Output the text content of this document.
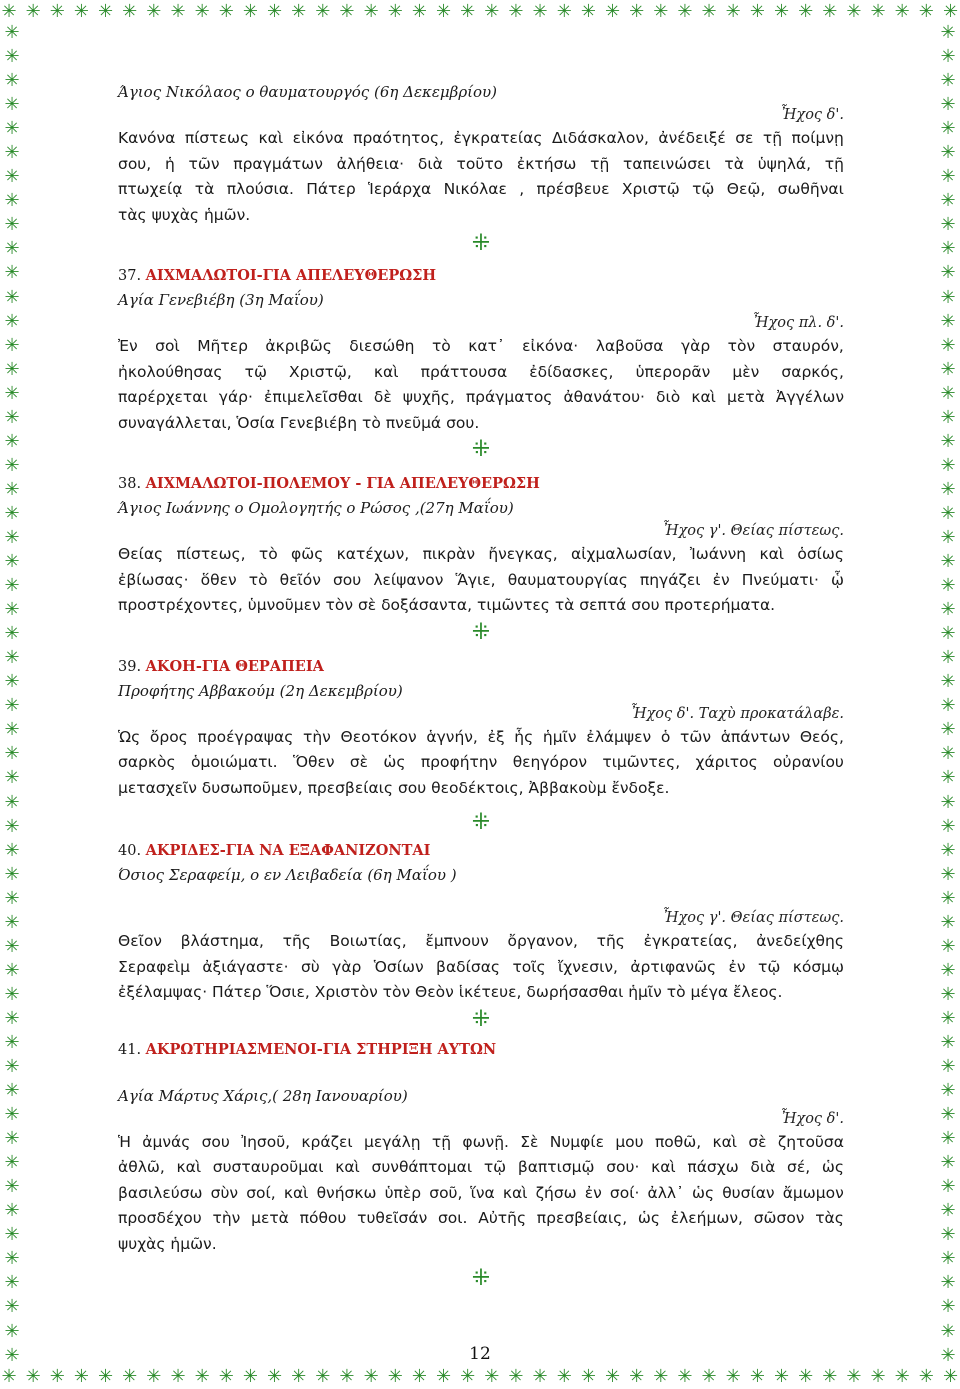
✳ ✳ ✳ ✳ ✳ ✳ ✳ ✳ ✳ ✳ ✳ ✳ ✳ ✳ ✳ ✳ ✳ ✳ ✳ ✳ ✳ ✳ ✳ ✳ ✳ ✳ ✳ ✳ ✳ ✳ ✳ ✳ ✳ ✳ ✳ ✳ ✳ ✳ ✳ ✳
✳ ✳ ✳ ✳ ✳ ✳ ✳ ✳ ✳ ✳ ✳ ✳ ✳ ✳ ✳ ✳ ✳ ✳ ✳ ✳ ✳ ✳ ✳ ✳ ✳ ✳ ✳ ✳ ✳ ✳ ✳ ✳ ✳ ✳ ✳ ✳ ✳ ✳ ✳ ✳
✳
✳
✳
✳
✳
✳
✳
✳
✳
✳
✳
✳
✳
✳
✳
✳
✳
✳
✳
✳
✳
✳
✳
✳
✳
✳
✳
✳
✳
✳
✳
✳
✳
✳
✳
✳
✳
✳
✳
✳
✳
✳
✳
✳
✳
✳
✳
✳
✳
✳
✳
✳
✳
✳
✳
✳
✳
✳
✳
✳
✳
✳
✳
✳
✳
✳
✳
✳
✳
✳
✳
✳
✳
✳
✳
✳
✳
✳
✳
✳
✳
✳
✳
✳
✳
✳
✳
✳
✳
✳
✳
✳
✳
✳
✳
✳
✳
✳
✳
✳
✳
✳
✳
✳
✳
✳
✳
✳
✳
✳
✳
✳
Άγιος Νικόλαος ο θαυματουργός (6η Δεκεμβρίου)
Ἦχος δ'.
Κανόνα πίστεως καὶ εἰκόνα πραότητος, ἐγκρατείας Διδάσκαλον, ἀνέδειξέ σε τῇ ποίμνῃ
σου, ἡ τῶν πραγμάτων ἀλήθεια· διὰ τοῦτο ἐκτήσω τῇ ταπεινώσει τὰ ὑψηλά, τῇ
πτωχείᾳ τὰ πλούσια. Πάτερ Ἱεράρχα Νικόλαε , πρέσβευε Χριστῷ τῷ Θεῷ, σωθῆναι
τὰς ψυχὰς ἡμῶν.
⁜
37. ΑΙΧΜΑΛΩΤΟΙ-ΓΙΑ ΑΠΕΛΕΥΘΕΡΩΣΗ
Αγία Γενεβιέβη (3η Μαΐου)
Ἦχος πλ. δ'.
Ἐν σοὶ Μῆτερ ἀκριβῶς διεσώθη τὸ κατ᾽ εἰκόνα· λαβοῦσα γὰρ τὸν σταυρόν,
ἠκολούθησας τῷ Χριστῷ, καὶ πράττουσα ἐδίδασκες, ὑπερορᾶν μὲν σαρκός,
παρέρχεται γάρ· ἐπιμελεῖσθαι δὲ ψυχῆς, πράγματος ἀθανάτου· διὸ καὶ μετὰ Ἀγγέλων
συναγάλλεται, Ὁσία Γενεβιέβη τὸ πνεῦμά σου.
⁜
38. ΑΙΧΜΑΛΩΤΟΙ-ΠΟΛΕΜΟΥ - ΓΙΑ ΑΠΕΛΕΥΘΕΡΩΣΗ
Άγιος Ιωάννης ο Ομολογητής ο Ρώσος ,(27η Μαΐου)
Ἦχος γ'. Θείας πίστεως.
Θείας πίστεως, τὸ φῶς κατέχων, πικρὰν ἤνεγκας, αἰχμαλωσίαν, Ἰωάννη καὶ ὁσίως
ἐβίωσας· ὅθεν τὸ θεῖόν σου λείψανον Ἅγιε, θαυματουργίας πηγάζει ἐν Πνεύματι· ᾧ
προστρέχοντες, ὑμνοῦμεν τὸν σὲ δοξάσαντα, τιμῶντες τὰ σεπτά σου προτερήματα.
⁜
39. ΑΚΟΗ-ΓΙΑ ΘΕΡΑΠΕΙΑ
Προφήτης Αββακούμ (2η Δεκεμβρίου)
Ἦχος δ'. Ταχὺ προκατάλαβε.
Ὡς ὄρος προέγραψας τὴν Θεοτόκον ἁγνήν, ἐξ ἧς ἡμῖν ἐλάμψεν ὁ τῶν ἁπάντων Θεός,
σαρκὸς ὁμοιώματι. Ὅθεν σὲ ὡς προφήτην θεηγόρον τιμῶντες, χάριτος οὐρανίου
μετασχεῖν δυσωποῦμεν, πρεσβείαις σου θεοδέκτοις, Ἀββακοὺμ ἔνδοξε.
⁜
40. ΑΚΡΙΔΕΣ-ΓΙΑ ΝΑ ΕΞΑΦΑΝΙΖΟΝΤΑΙ
Όσιος Σεραφείμ, ο εν Λειβαδεία (6η Μαΐου )
Ἦχος γ'. Θείας πίστεως.
Θεῖον βλάστημα, τῆς Βοιωτίας, ἔμπνουν ὄργανον, τῆς ἐγκρατείας, ἀνεδείχθης
Σεραφεὶμ ἀξιάγαστε· σὺ γὰρ Ὁσίων βαδίσας τοῖς ἴχνεσιν, ἀρτιφανῶς ἐν τῷ κόσμῳ
ἐξέλαμψας· Πάτερ Ὅσιε, Χριστὸν τὸν Θεὸν ἱκέτευε, δωρήσασθαι ἡμῖν τὸ μέγα ἔλεος.
⁜
41. ΑΚΡΩΤΗΡΙΑΣΜΕΝΟΙ-ΓΙΑ ΣΤΗΡΙΞΗ ΑΥΤΩΝ
Αγία Μάρτυς Χάρις,( 28η Ιανουαρίου)
Ἦχος δ'.
Ἡ ἀμνάς σου Ἰησοῦ, κράζει μεγάλῃ τῇ φωνῇ. Σὲ Νυμφίε μου ποθῶ, καὶ σὲ ζητοῦσα
ἀθλῶ, καὶ συσταυροῦμαι καὶ συνθάπτομαι τῷ βαπτισμῷ σου· καὶ πάσχω διὰ σέ, ὡς
βασιλεύσω σὺν σοί, καὶ θνήσκω ὑπὲρ σοῦ, ἵνα καὶ ζήσω ἐν σοί· ἀλλ᾽ ὡς θυσίαν ἄμωμον
προσδέχου τὴν μετὰ πόθου τυθεῖσάν σοι. Αὐτῆς πρεσβείαις, ὡς ἐλεήμων, σῶσον τὰς
ψυχὰς ἡμῶν.
⁜
12
